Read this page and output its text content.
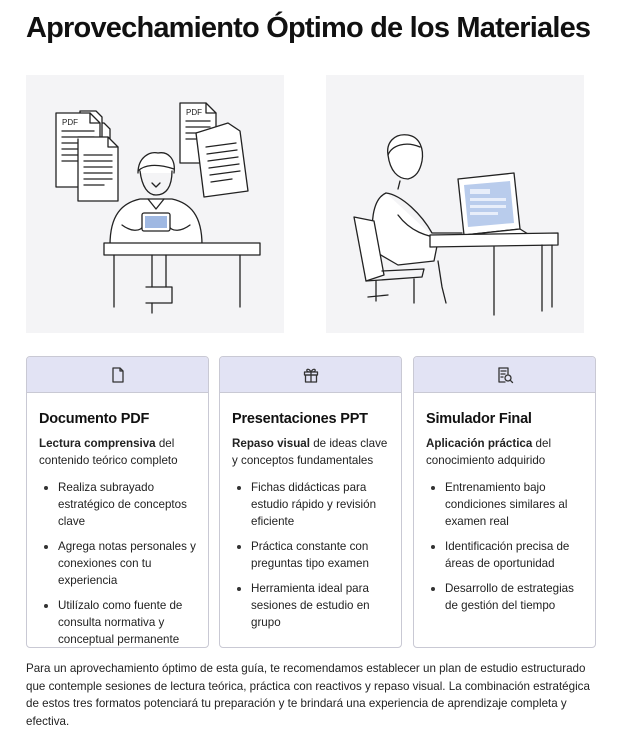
Aprovechamiento Óptimo de los Materiales
PDF
PDF
Documento PDF
Lectura comprensiva del contenido teórico completo
Realiza subrayado estratégico de conceptos clave
Agrega notas personales y conexiones con tu experiencia
Utilízalo como fuente de consulta normativa y conceptual permanente
Presentaciones PPT
Repaso visual de ideas clave y conceptos fundamentales
Fichas didácticas para estudio rápido y revisión eficiente
Práctica constante con preguntas tipo examen
Herramienta ideal para sesiones de estudio en grupo
Simulador Final
Aplicación práctica del conocimiento adquirido
Entrenamiento bajo condiciones similares al examen real
Identificación precisa de áreas de oportunidad
Desarrollo de estrategias de gestión del tiempo

Para un aprovechamiento óptimo de esta guía, te recomendamos establecer un plan de estudio estructurado que contemple sesiones de lectura teórica, práctica con reactivos y repaso visual. La combinación estratégica de estos tres formatos potenciará tu preparación y te brindará una experiencia de aprendizaje completa y efectiva.
